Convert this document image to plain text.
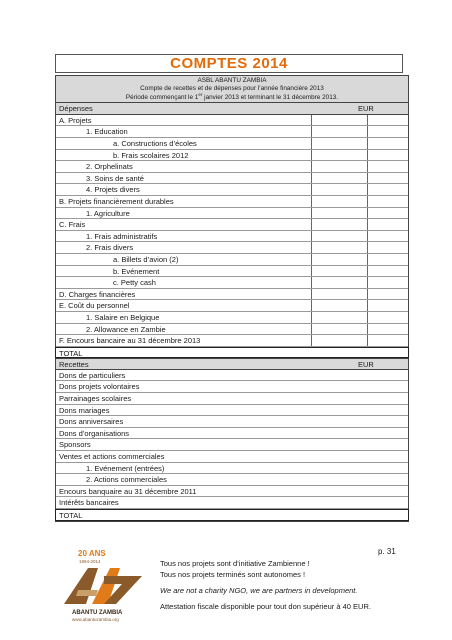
COMPTES 2014
ASBL ABANTU ZAMBIA
Compte de recettes et de dépenses pour l’année financière 2013
Période commençant le 1er janvier 2013 et terminant le 31 décembre 2013.
Dépenses	EUR
A. Projets
1. Education
a. Constructions d’écoles
b. Frais scolaires 2012
2. Orphelinats
3. Soins de santé
4. Projets divers
B. Projets financièrement durables
1. Agriculture
C. Frais
1. Frais administratifs
2. Frais divers
a. Billets d’avion (2)
b. Evénement
c. Petty cash
D. Charges financières
E. Coût du personnel
1. Salaire en Belgique
2. Allowance en Zambie
F. Encours bancaire au 31 décembre 2013
TOTAL
Recettes	EUR
Dons de particuliers
Dons projets volontaires
Parrainages scolaires
Dons mariages
Dons anniversaires
Dons d’organisations
Sponsors
Ventes et actions commerciales
1. Evénement (entrées)
2. Actions commerciales
Encours banquaire au 31 décembre 2011
Intérêts bancaires
TOTAL
20 ANS
1994-2014
ABANTU ZAMBIA
www.abantuzambia.org
p. 31
Tous nos projets sont d’initiative Zambienne !
Tous nos projets terminés sont autonomes !
We are not a charity NGO, we are partners in development.
Attestation fiscale disponible pour tout don supérieur à 40 EUR.
